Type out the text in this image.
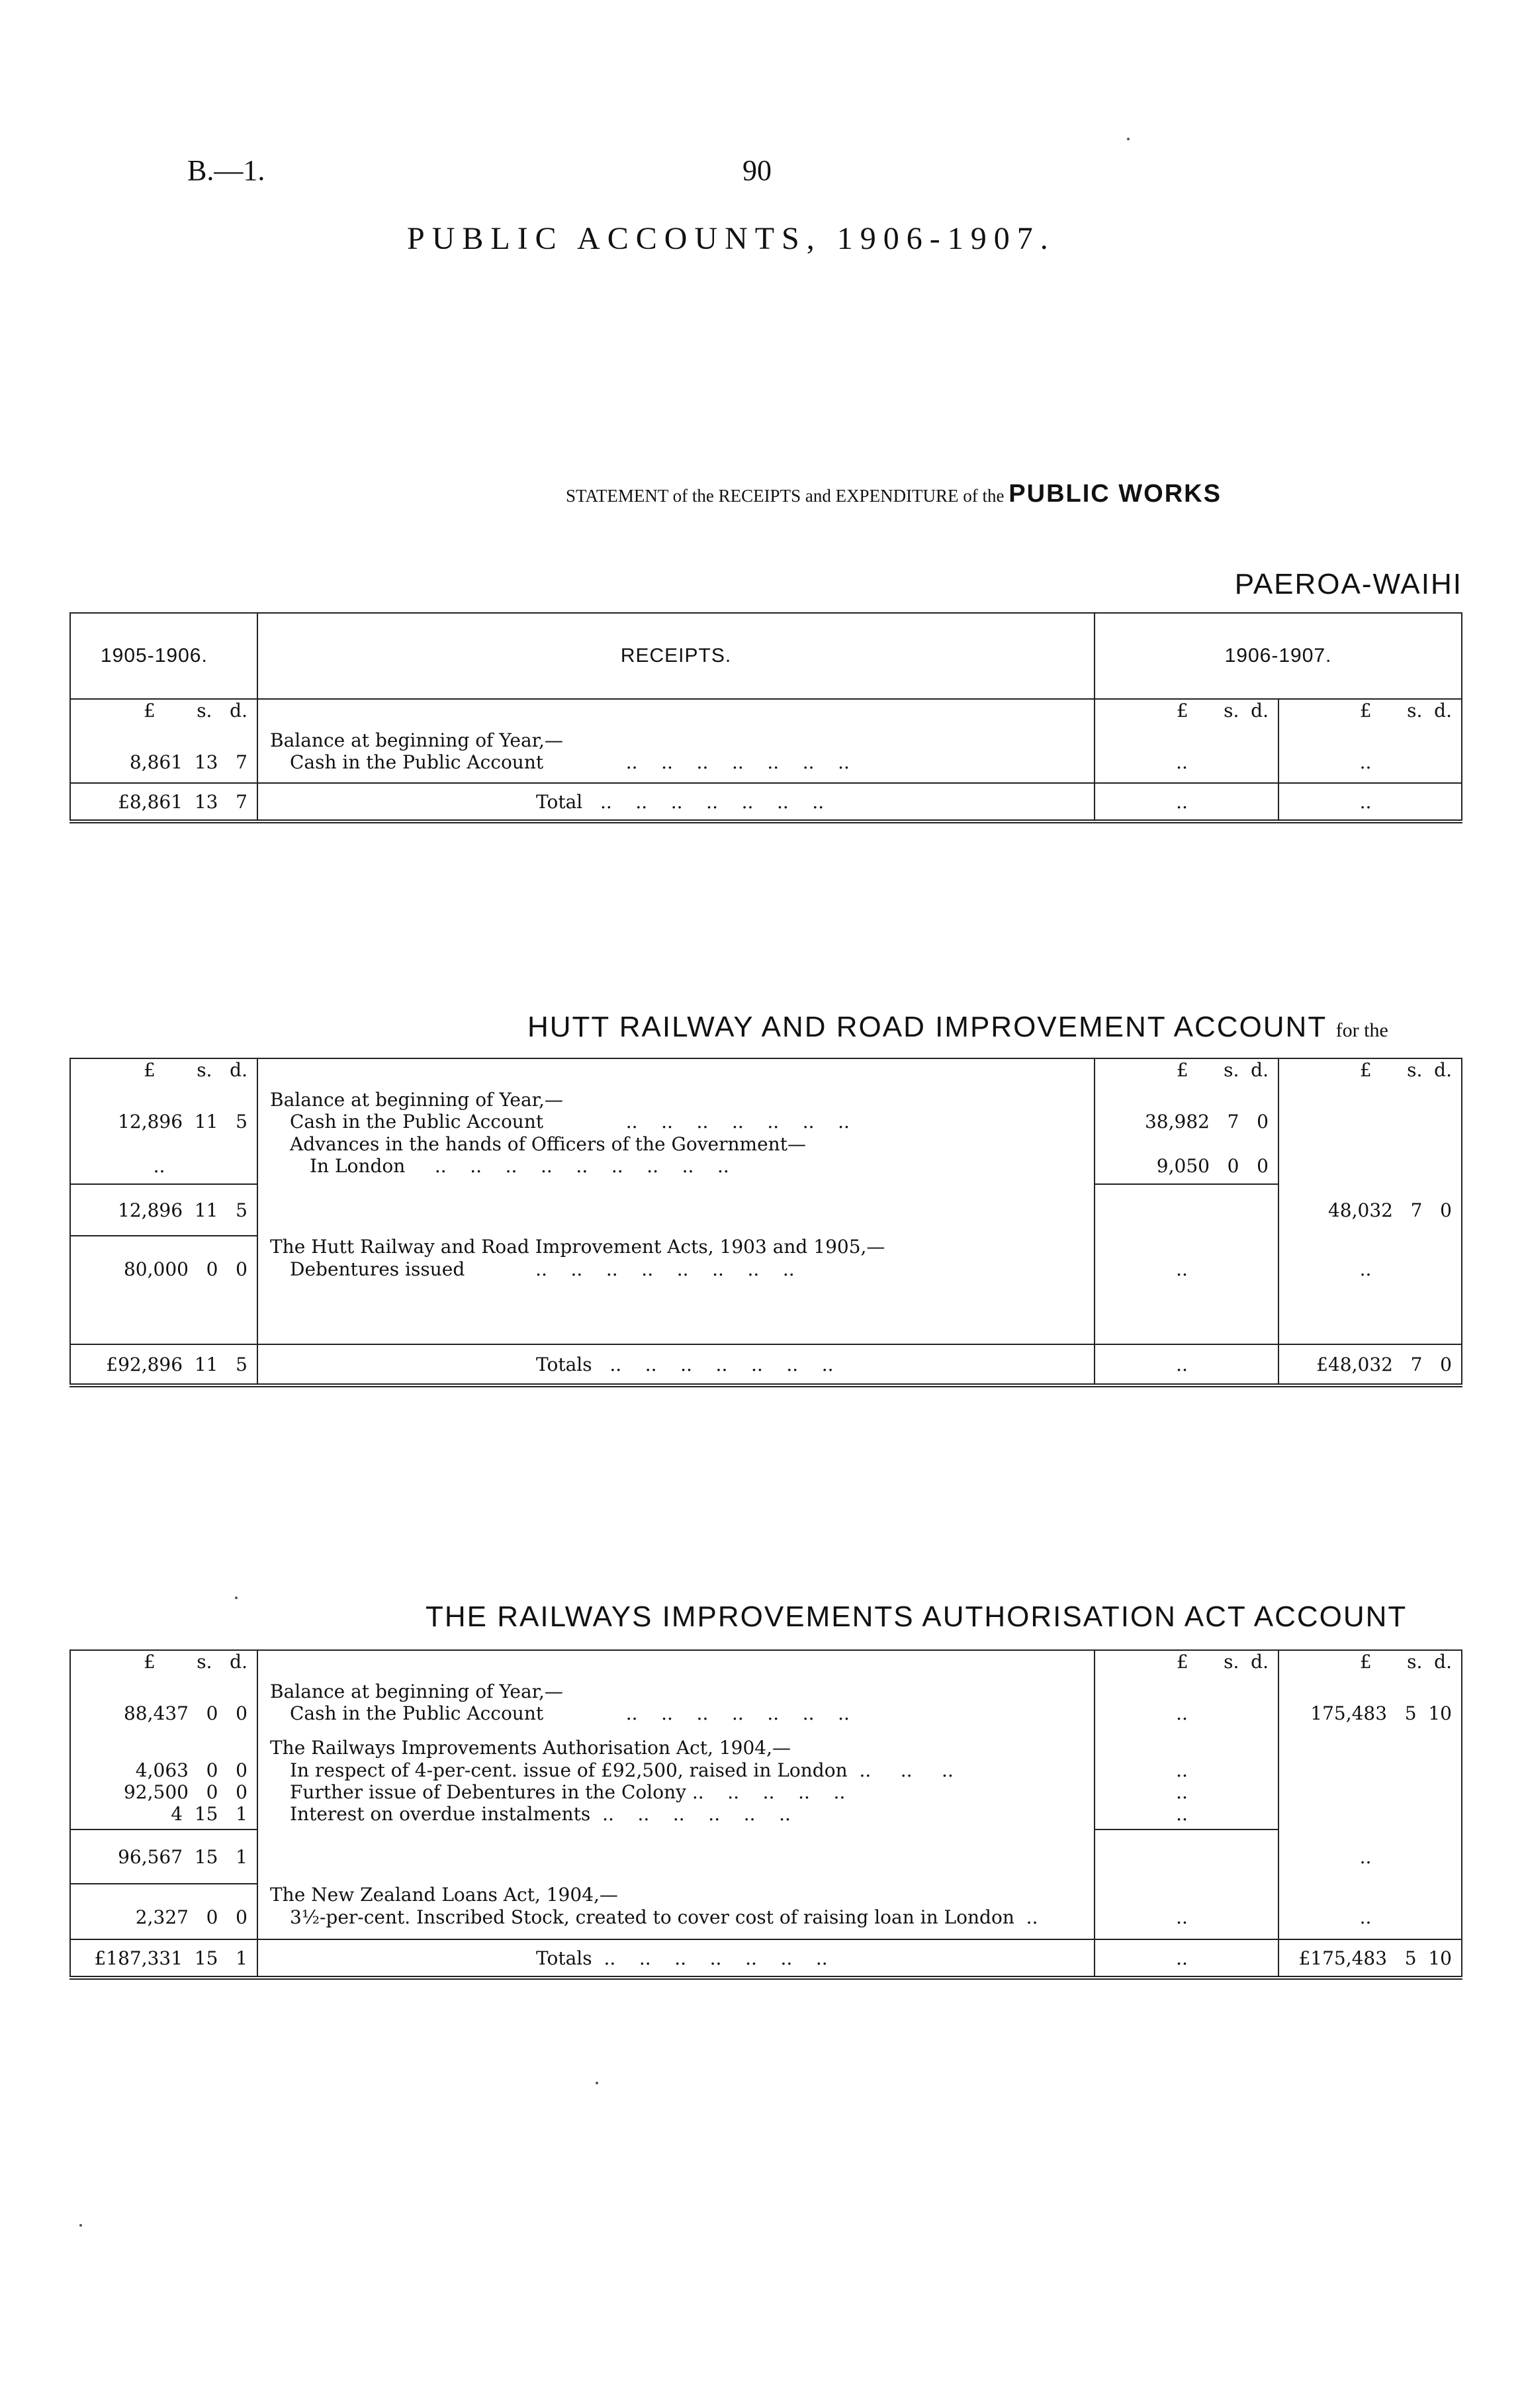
B.—1.	90
PUBLIC ACCOUNTS, 1906-1907.
STATEMENT of the RECEIPTS and EXPENDITURE of the PUBLIC WORKS
PAEROA-WAIHI
1905-1906.	RECEIPTS.	1906-1907.	
£ s. d.		£ s. d.	£ s. d.
	Balance at beginning of Year,—		
8,861  13   7	Cash in the Public Account ..    ..    ..    ..    ..    ..    ..	..	..
£8,861  13   7	Total ..    ..    ..    ..    ..    ..    ..	..	..
HUTT RAILWAY AND ROAD IMPROVEMENT ACCOUNT for the
£ s. d.		£ s. d.	£ s. d.
	Balance at beginning of Year,—		
12,896  11   5	Cash in the Public Account ..    ..    ..    ..    ..    ..    ..	38,982   7   0	
	Advances in the hands of Officers of the Government—		
..	In London ..    ..    ..    ..    ..    ..    ..    ..    ..	9,050   0   0	
12,896  11   5			48,032   7   0
	The Hutt Railway and Road Improvement Acts, 1903 and 1905,—		
80,000   0   0	Debentures issued ..    ..    ..    ..    ..    ..    ..    ..	..	..
£92,896  11   5	Totals ..    ..    ..    ..    ..    ..    ..	..	£48,032   7   0
THE RAILWAYS IMPROVEMENTS AUTHORISATION ACT ACCOUNT
£ s. d.		£ s. d.	£ s. d.
	Balance at beginning of Year,—		
88,437   0   0	Cash in the Public Account ..    ..    ..    ..    ..    ..    ..	..	175,483   5  10
	The Railways Improvements Authorisation Act, 1904,—		
4,063   0   0	In respect of 4-per-cent. issue of £92,500, raised in London ..     ..     ..	..	
92,500   0   0	Further issue of Debentures in the Colony ..    ..    ..    ..    ..	..	
4  15   1	Interest on overdue instalments ..    ..    ..    ..    ..    ..	..	
96,567  15   1			..
	The New Zealand Loans Act, 1904,—		
2,327   0   0	3½-per-cent. Inscribed Stock, created to cover cost of raising loan in London ..	..	..
£187,331  15   1	Totals ..    ..    ..    ..    ..    ..    ..	..	£175,483   5  10
